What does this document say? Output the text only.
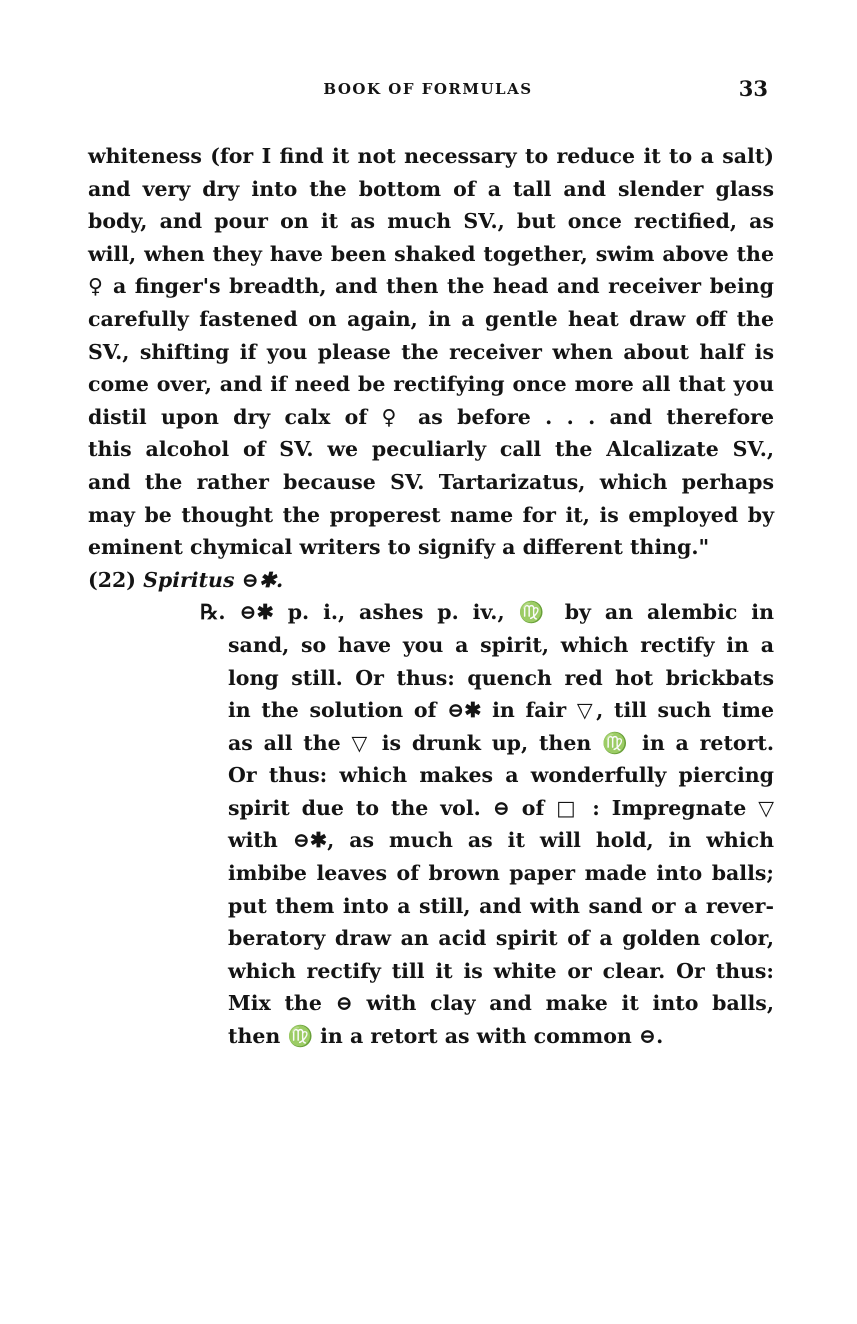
BOOK OF FORMULAS	33
whiteness (for I find it not necessary to reduce it to a salt)
and very dry into the bottom of a tall and slender glass
body, and pour on it as much SV., but once rectified, as
will, when they have been shaked together, swim above the
♀ a finger's breadth, and then the head and receiver being
carefully fastened on again, in a gentle heat draw off the
SV., shifting if you please the receiver when about half is
come over, and if need be rectifying once more all that you
distil upon dry calx of ♀ as before . . . and therefore
this alcohol of SV. we peculiarly call the Alcalizate SV.,
and the rather because SV. Tartarizatus, which perhaps
may be thought the properest name for it, is employed by
eminent chymical writers to signify a different thing."
(22) Spiritus ⊖✱.
℞. ⊖✱ p. i., ashes p. iv., ♍ by an alembic in
sand, so have you a spirit, which rectify in a
long still. Or thus: quench red hot brickbats
in the solution of ⊖✱ in fair ▽, till such time
as all the ▽ is drunk up, then ♍ in a retort.
Or thus: which makes a wonderfully piercing
spirit due to the vol. ⊖ of □ : Impregnate ▽
with ⊖✱, as much as it will hold, in which
imbibe leaves of brown paper made into balls;
put them into a still, and with sand or a rever-
beratory draw an acid spirit of a golden color,
which rectify till it is white or clear. Or thus:
Mix the ⊖ with clay and make it into balls,
then ♍ in a retort as with common ⊖.
